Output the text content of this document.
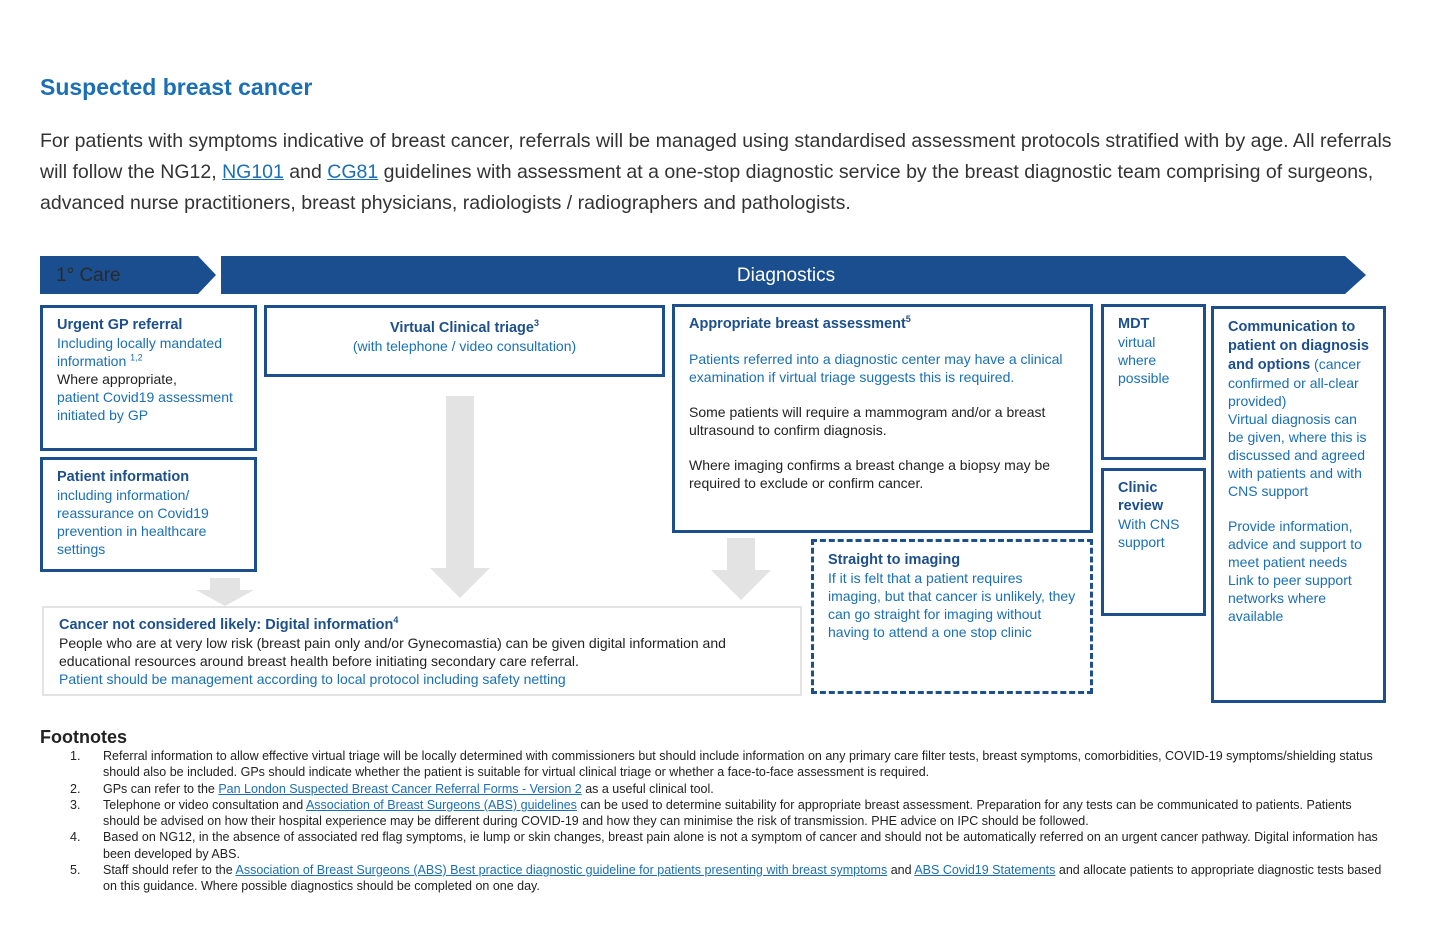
Suspected breast cancer
For patients with symptoms indicative of breast cancer, referrals will be managed using standardised assessment protocols stratified with by age. All referrals will follow the NG12, NG101 and CG81 guidelines with assessment at a one-stop diagnostic service by the breast diagnostic team comprising of surgeons, advanced nurse practitioners, breast physicians, radiologists / radiographers and pathologists.
1° Care	Diagnostics
Urgent GP referral
Including locally mandated information $^{1,2}$
Where appropriate,
patient Covid19 assessment initiated by GP
Patient information
including information/ reassurance on Covid19 prevention in healthcare settings
Virtual Clinical triage$^3$
(with telephone / video consultation)
Appropriate breast assessment$^5$

Patients referred into a diagnostic center may have a clinical examination if virtual triage suggests this is required.

Some patients will require a mammogram and/or a breast ultrasound to confirm diagnosis.

Where imaging confirms a breast change a biopsy may be required to exclude or confirm cancer.

MDT
virtual where possible
Clinic review
With CNS support
Communication to patient on diagnosis and options (cancer confirmed or all-clear provided)
Virtual diagnosis can be given, where this is discussed and agreed with patients and with CNS support
Provide information, advice and support to meet patient needs
Link to peer support networks where available
Straight to imaging
If it is felt that a patient requires imaging, but that cancer is unlikely, they can go straight for imaging without having to attend a one stop clinic
Cancer not considered likely: Digital information$^4$
People who are at very low risk (breast pain only and/or Gynecomastia) can be given digital information and educational resources around breast health before initiating secondary care referral.
Patient should be management according to local protocol including safety netting
Footnotes
1. Referral information to allow effective virtual triage will be locally determined with commissioners but should include information on any primary care filter tests, breast symptoms, comorbidities, COVID-19 symptoms/shielding status should also be included. GPs should indicate whether the patient is suitable for virtual clinical triage or whether a face-to-face assessment is required.
2. GPs can refer to the Pan London Suspected Breast Cancer Referral Forms - Version 2 as a useful clinical tool.
3. Telephone or video consultation and Association of Breast Surgeons (ABS) guidelines can be used to determine suitability for appropriate breast assessment. Preparation for any tests can be communicated to patients. Patients should be advised on how their hospital experience may be different during COVID-19 and how they can minimise the risk of transmission. PHE advice on IPC should be followed.
4. Based on NG12, in the absence of associated red flag symptoms, ie lump or skin changes, breast pain alone is not a symptom of cancer and should not be automatically referred on an urgent cancer pathway. Digital information has been developed by ABS.
5. Staff should refer to the Association of Breast Surgeons (ABS) Best practice diagnostic guideline for patients presenting with breast symptoms and ABS Covid19 Statements and allocate patients to appropriate diagnostic tests based on this guidance. Where possible diagnostics should be completed on one day.
